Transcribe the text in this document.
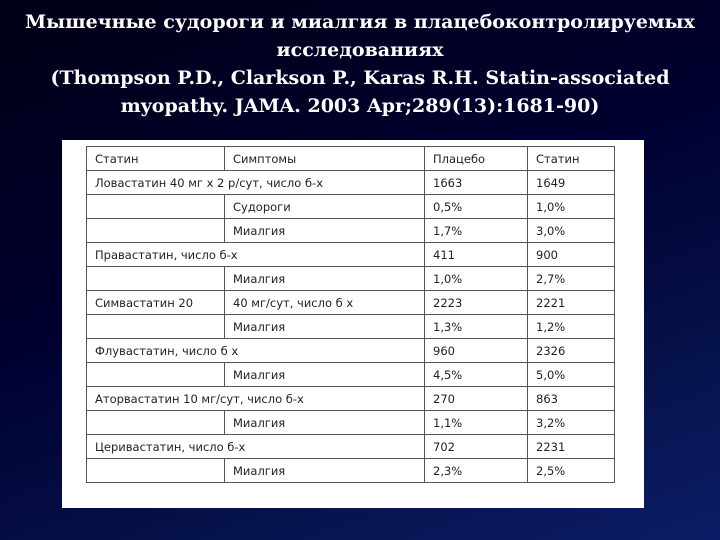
Мышечные судороги и миалгия в плацебоконтролируемых
исследованиях
(Thompson P.D., Clarkson P., Karas R.H. Statin-associated
myopathy. JAMA. 2003 Apr;289(13):1681-90)
Статин	Симптомы	Плацебо	Статин
Ловастатин 40 мг х 2 р/сут, число б-х		1663	1649
	Судороги	0,5%	1,0%
	Миалгия	1,7%	3,0%
Правастатин, число б-х		411	900
	Миалгия	1,0%	2,7%
Симвастатин 20	40 мг/сут, число б х	2223	2221
	Миалгия	1,3%	1,2%
Флувастатин, число б х		960	2326
	Миалгия	4,5%	5,0%
Аторвастатин 10 мг/сут, число б-х		270	863
	Миалгия	1,1%	3,2%
Церивастатин, число б-х		702	2231
	Миалгия	2,3%	2,5%
